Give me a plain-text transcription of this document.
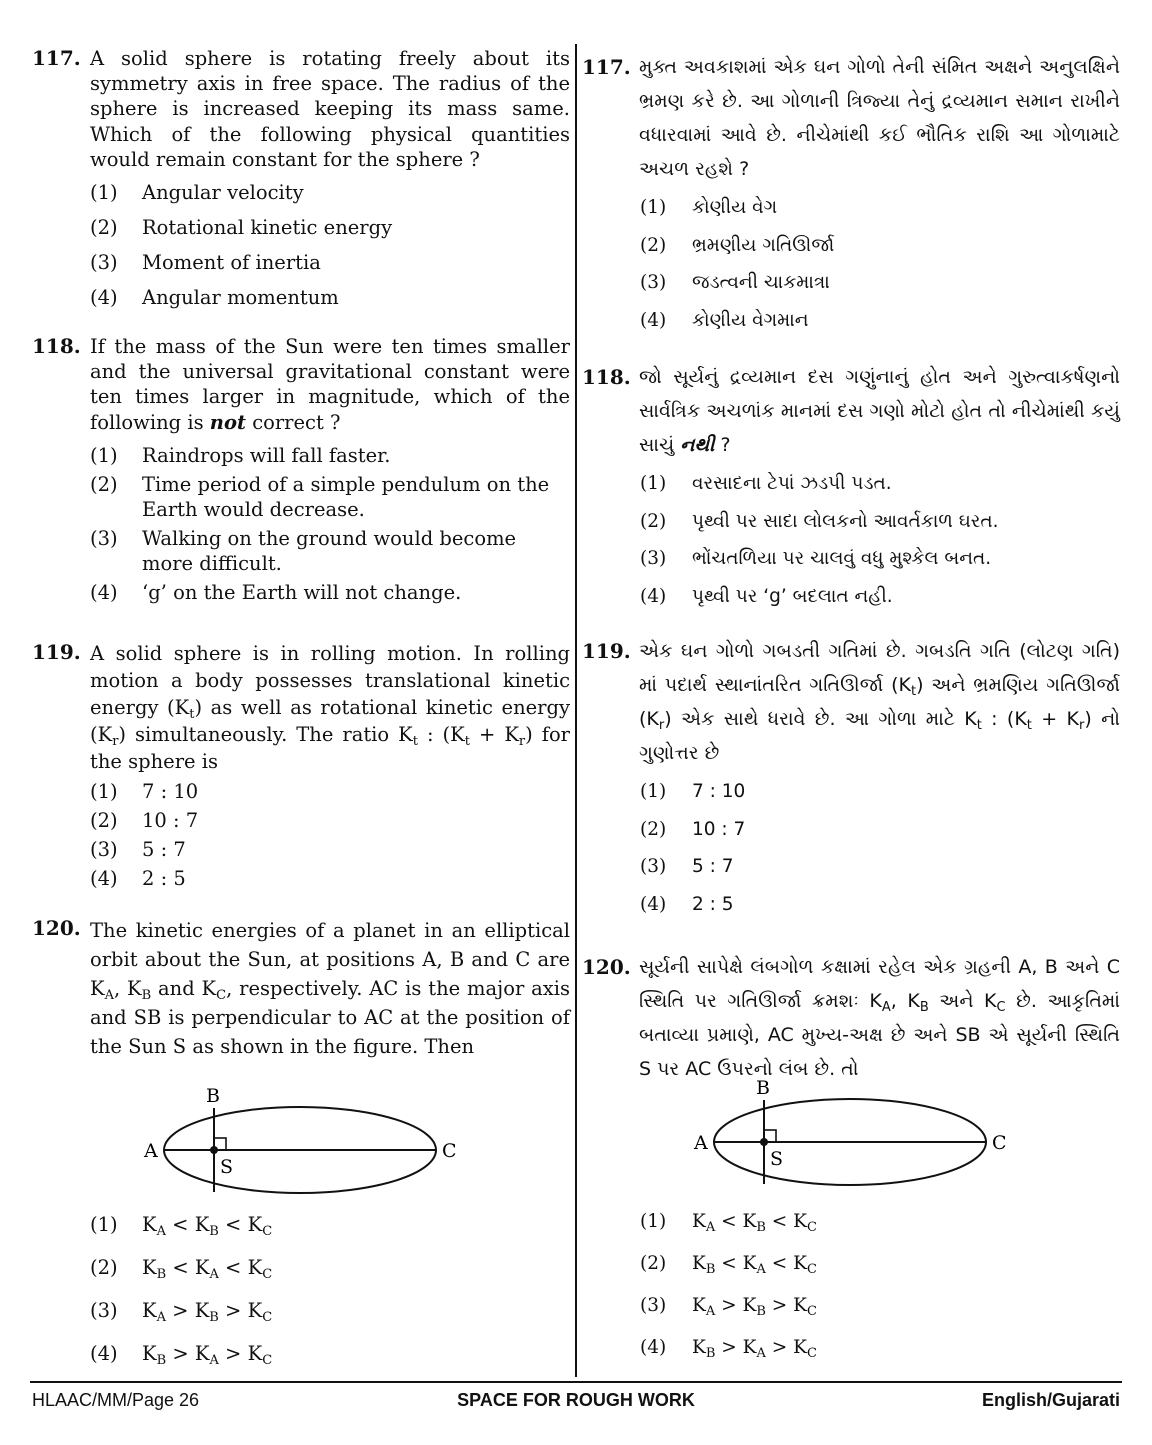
117. A solid sphere is rotating freely about its symmetry axis in free space. The radius of the sphere is increased keeping its mass same. Which of the following physical quantities would remain constant for the sphere ?
(1)	Angular velocity
(2)	Rotational kinetic energy
(3)	Moment of inertia
(4)	Angular momentum
118. If the mass of the Sun were ten times smaller and the universal gravitational constant were ten times larger in magnitude, which of the following is not correct ?
(1)	Raindrops will fall faster.
(2)	Time period of a simple pendulum on the Earth would decrease.
(3)	Walking on the ground would become more difficult.
(4)	‘g’ on the Earth will not change.
119. A solid sphere is in rolling motion. In rolling motion a body possesses translational kinetic energy $(K_t)$ as well as rotational kinetic energy $(K_r)$ simultaneously. The ratio $K_t$ : $(K_t + K_r)$ for the sphere is
(1)	7 : 10
(2)	10 : 7
(3)	5 : 7
(4)	2 : 5
120. The kinetic energies of a planet in an elliptical orbit about the Sun, at positions A, B and C are $K_A$, $K_B$ and $K_C$, respectively. AC is the major axis and SB is perpendicular to AC at the position of the Sun S as shown in the figure. Then
A
B
C
S
(1)	$K_A < K_B < K_C$
(2)	$K_B < K_A < K_C$
(3)	$K_A > K_B > K_C$
(4)	$K_B > K_A > K_C$
117. મુક્ત અવકાશમાં એક ઘન ગોળો તેની સંમિત અક્ષને અનુલક્ષિને ભ્રમણ કરે છે. આ ગોળાની ત્રિજ્યા તેનું દ્રવ્યમાન સમાન રાખીને વધારવામાં આવે છે. નીચેમાંથી કઈ ભૌતિક રાશિ આ ગોળામાટે અચળ રહશે ?
(1)	કોણીય વેગ
(2)	ભ્રમણીય ગતિઊર્જા
(3)	જડત્વની ચાકમાત્રા
(4)	કોણીય વેગમાન
118. જો સૂર્યનું દ્રવ્યમાન દસ ગણુંનાનું હોત અને ગુરુત્વાકર્ષણનો સાર્વત્રિક અચળાંક માનમાં દસ ગણો મોટો હોત તો નીચેમાંથી કયું સાચું નથી ?
(1)	વરસાદના ટેપાં ઝડપી પડત.
(2)	પૃથ્વી પર સાદા લોલકનો આવર્તકાળ ઘરત.
(3)	ભોંચતળિયા પર ચાલવું વધુ મુશ્કેલ બનત.
(4)	પૃથ્વી પર ‘g’ બદલાત નહી.
119. એક ઘન ગોળો ગબડતી ગતિમાં છે. ગબડતિ ગતિ (લોટણ ગતિ) માં પદાર્થ સ્થાનાંતરિત ગતિઊર્જા $(K_t)$ અને ભ્રમણિય ગતિઊર્જા $(K_r)$ એક સાથે ધરાવે છે. આ ગોળા માટે $K_t$ : $(K_t + K_r)$ નો ગુણોત્તર છે
(1)	7 : 10
(2)	10 : 7
(3)	5 : 7
(4)	2 : 5
120. સૂર્યની સાપેક્ષે લંબગોળ કક્ષામાં રહેલ એક ગ્રહની A, B અને C સ્થિતિ પર ગતિઊર્જા ક્રમશઃ $K_A$, $K_B$ અને $K_C$ છે. આકૃતિમાં બતાવ્યા પ્રમાણે, AC મુખ્ય-અક્ષ છે અને SB એ સૂર્યની સ્થિતિ S પર AC ઉપરનો લંબ છે. તો
A
B
C
S
(1)	$K_A < K_B < K_C$
(2)	$K_B < K_A < K_C$
(3)	$K_A > K_B > K_C$
(4)	$K_B > K_A > K_C$
HLAAC/MM/Page 26	SPACE FOR ROUGH WORK	English/Gujarati
